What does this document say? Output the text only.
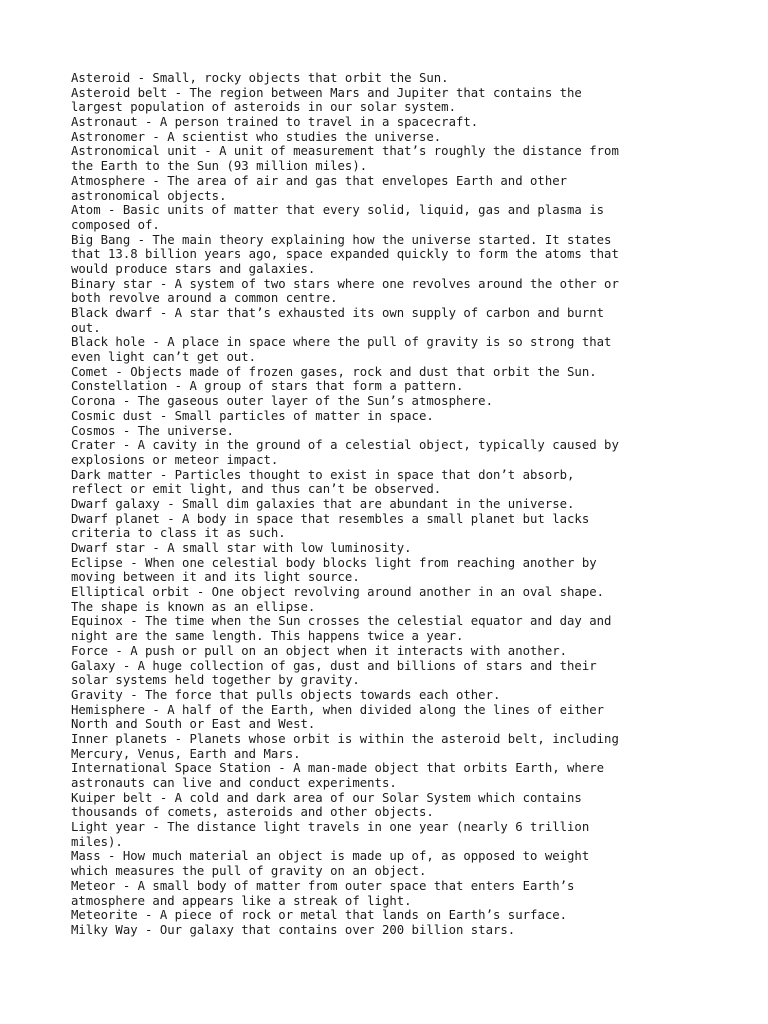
Asteroid - Small, rocky objects that orbit the Sun.
Asteroid belt - The region between Mars and Jupiter that contains the
largest population of asteroids in our solar system.
Astronaut - A person trained to travel in a spacecraft.
Astronomer - A scientist who studies the universe.
Astronomical unit - A unit of measurement that’s roughly the distance from
the Earth to the Sun (93 million miles).
Atmosphere - The area of air and gas that envelopes Earth and other
astronomical objects.
Atom - Basic units of matter that every solid, liquid, gas and plasma is
composed of.
Big Bang - The main theory explaining how the universe started. It states
that 13.8 billion years ago, space expanded quickly to form the atoms that
would produce stars and galaxies.
Binary star - A system of two stars where one revolves around the other or
both revolve around a common centre.
Black dwarf - A star that’s exhausted its own supply of carbon and burnt
out.
Black hole - A place in space where the pull of gravity is so strong that
even light can’t get out.
Comet - Objects made of frozen gases, rock and dust that orbit the Sun.
Constellation - A group of stars that form a pattern.
Corona - The gaseous outer layer of the Sun’s atmosphere.
Cosmic dust - Small particles of matter in space.
Cosmos - The universe.
Crater - A cavity in the ground of a celestial object, typically caused by
explosions or meteor impact.
Dark matter - Particles thought to exist in space that don’t absorb,
reflect or emit light, and thus can’t be observed.
Dwarf galaxy - Small dim galaxies that are abundant in the universe.
Dwarf planet - A body in space that resembles a small planet but lacks
criteria to class it as such.
Dwarf star - A small star with low luminosity.
Eclipse - When one celestial body blocks light from reaching another by
moving between it and its light source.
Elliptical orbit - One object revolving around another in an oval shape.
The shape is known as an ellipse.
Equinox - The time when the Sun crosses the celestial equator and day and
night are the same length. This happens twice a year.
Force - A push or pull on an object when it interacts with another.
Galaxy - A huge collection of gas, dust and billions of stars and their
solar systems held together by gravity.
Gravity - The force that pulls objects towards each other.
Hemisphere - A half of the Earth, when divided along the lines of either
North and South or East and West.
Inner planets - Planets whose orbit is within the asteroid belt, including
Mercury, Venus, Earth and Mars.
International Space Station - A man-made object that orbits Earth, where
astronauts can live and conduct experiments.
Kuiper belt - A cold and dark area of our Solar System which contains
thousands of comets, asteroids and other objects.
Light year - The distance light travels in one year (nearly 6 trillion
miles).
Mass - How much material an object is made up of, as opposed to weight
which measures the pull of gravity on an object.
Meteor - A small body of matter from outer space that enters Earth’s
atmosphere and appears like a streak of light.
Meteorite - A piece of rock or metal that lands on Earth’s surface.
Milky Way - Our galaxy that contains over 200 billion stars.
